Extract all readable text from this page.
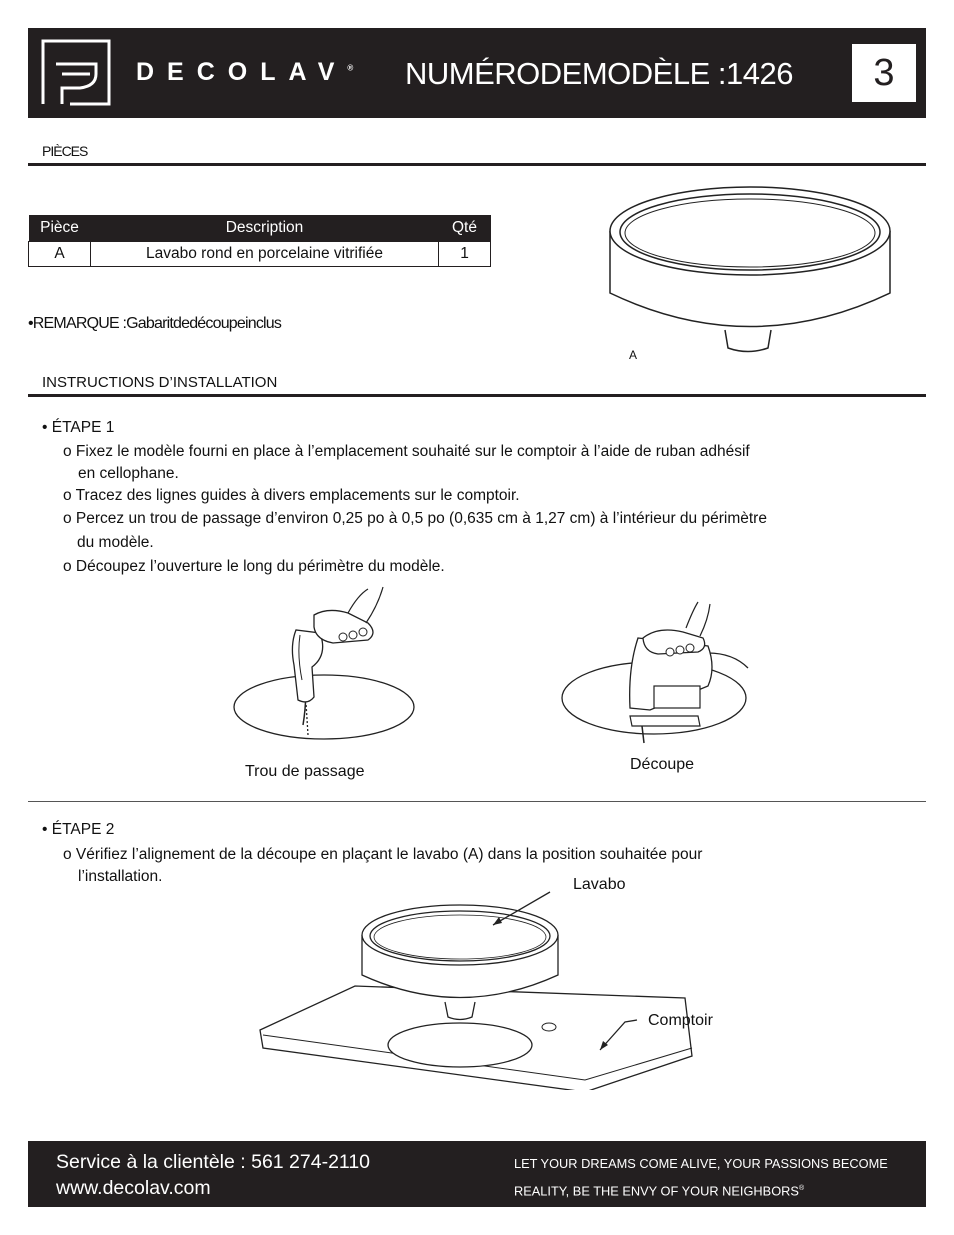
DECOLAV® NUMÉRODEMODÈLE :1426	3
PIÈCES
Pièce	Description	Qté
A	Lavabo rond en porcelaine vitrifiée	1
•REMARQUE :Gabaritdedécoupeinclus
A
INSTRUCTIONS D’INSTALLATION
• ÉTAPE 1
o Fixez le modèle fourni en place à l’emplacement souhaité sur le comptoir à l’aide de ruban adhésif
en cellophane.
o Tracez des lignes guides à divers emplacements sur le comptoir.
o Percez un trou de passage d’environ 0,25 po à 0,5 po (0,635 cm à 1,27 cm) à l’intérieur du périmètre
du modèle.
o Découpez l’ouverture le long du périmètre du modèle.
Trou de passage	Découpe
• ÉTAPE 2
o Vérifiez l’alignement de la découpe en plaçant le lavabo (A) dans la position souhaitée pour
l’installation.	Lavabo
Comptoir
Service à la clientèle : 561 274-2110
www.decolav.com
LET YOUR DREAMS COME ALIVE, YOUR PASSIONS BECOME
REALITY, BE THE ENVY OF YOUR NEIGHBORS®
